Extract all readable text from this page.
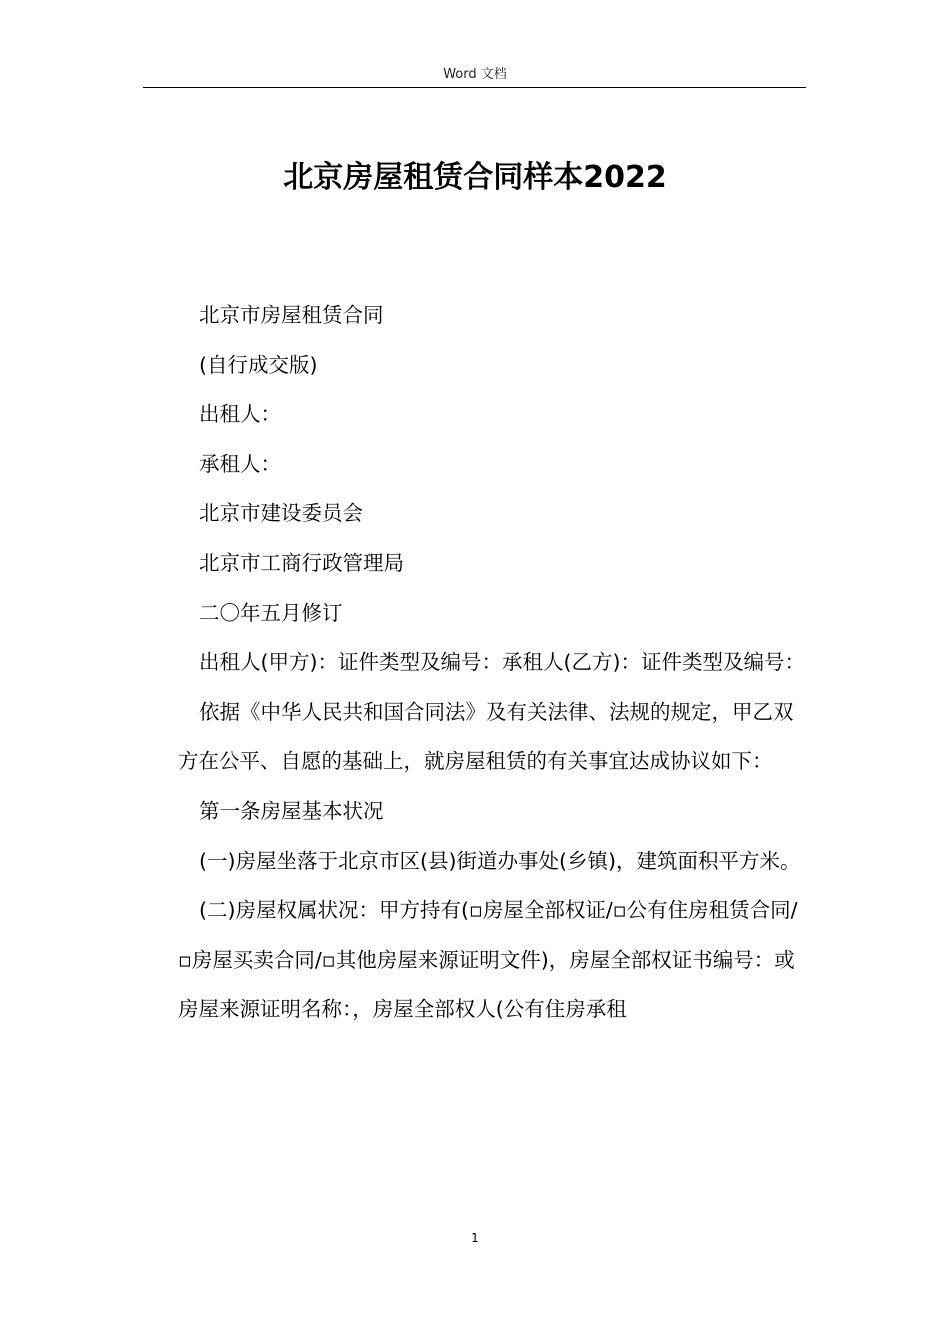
Word 文档
北京房屋租赁合同样本2022

北京市房屋租赁合同

(自行成交版)

出租人：

承租人：

北京市建设委员会

北京市工商行政管理局

二〇年五月修订

出租人(甲方)：证件类型及编号：承租人(乙方)：证件类型及编号：

依据《中华人民共和国合同法》及有关法律、法规的规定，甲乙双方在公平、自愿的基础上，就房屋租赁的有关事宜达成协议如下：

第一条房屋基本状况

(一)房屋坐落于北京市区(县)街道办事处(乡镇)，建筑面积平方米。

(二)房屋权属状况：甲方持有(▫房屋全部权证/▫公有住房租赁合同/▫房屋买卖合同/▫其他房屋来源证明文件)，房屋全部权证书编号：或房屋来源证明名称：，房屋全部权人(公有住房承租

1
